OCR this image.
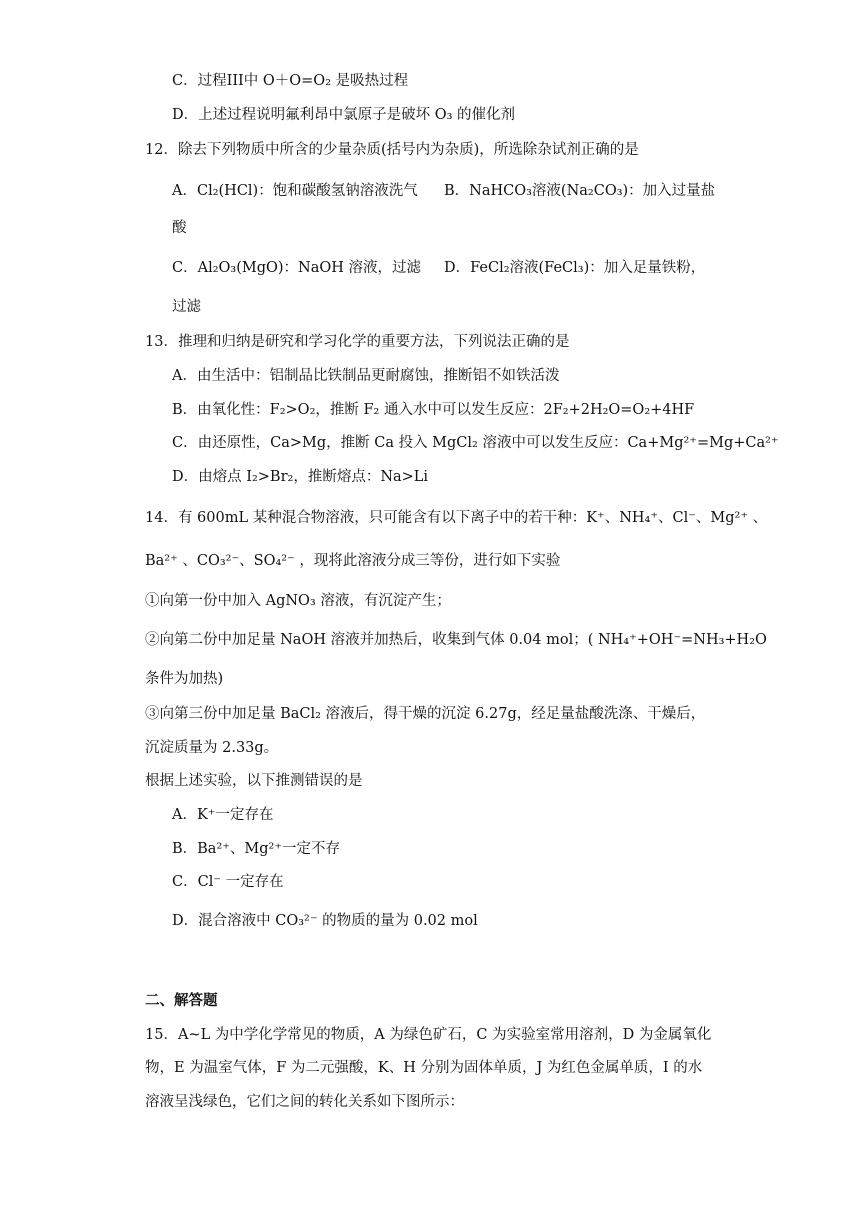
C．过程III中 O＋O=O₂ 是吸热过程
D．上述过程说明氟利昂中氯原子是破坏 O₃ 的催化剂
12．除去下列物质中所含的少量杂质(括号内为杂质)，所选除杂试剂正确的是
A．Cl₂(HCl)：饱和碳酸氢钠溶液洗气 B．NaHCO₃溶液(Na₂CO₃)：加入过量盐
酸
C．Al₂O₃(MgO)：NaOH 溶液，过滤 D．FeCl₂溶液(FeCl₃)：加入足量铁粉，
过滤
13．推理和归纳是研究和学习化学的重要方法，下列说法正确的是
A．由生活中：铝制品比铁制品更耐腐蚀，推断铝不如铁活泼
B．由氧化性：F₂>O₂，推断 F₂ 通入水中可以发生反应：2F₂+2H₂O=O₂+4HF
C．由还原性，Ca>Mg，推断 Ca 投入 MgCl₂ 溶液中可以发生反应：Ca+Mg²⁺=Mg+Ca²⁺
D．由熔点 I₂>Br₂，推断熔点：Na>Li
14．有 600mL 某种混合物溶液，只可能含有以下离子中的若干种：K⁺、NH₄⁺、Cl⁻、Mg²⁺ 、
Ba²⁺ 、CO₃²⁻、SO₄²⁻ ，现将此溶液分成三等份，进行如下实验
①向第一份中加入 AgNO₃ 溶液，有沉淀产生；
②向第二份中加足量 NaOH 溶液并加热后，收集到气体 0.04 mol；( NH₄⁺+OH⁻=NH₃+H₂O
条件为加热)
③向第三份中加足量 BaCl₂ 溶液后，得干燥的沉淀 6.27g，经足量盐酸洗涤、干燥后，
沉淀质量为 2.33g。
根据上述实验，以下推测错误的是
A．K⁺一定存在
B．Ba²⁺、Mg²⁺一定不存
C．Cl⁻ 一定存在
D．混合溶液中 CO₃²⁻ 的物质的量为 0.02 mol
二、解答题
15．A~L 为中学化学常见的物质，A 为绿色矿石，C 为实验室常用溶剂，D 为金属氧化
物，E 为温室气体，F 为二元强酸，K、H 分别为固体单质，J 为红色金属单质，I 的水
溶液呈浅绿色，它们之间的转化关系如下图所示：
